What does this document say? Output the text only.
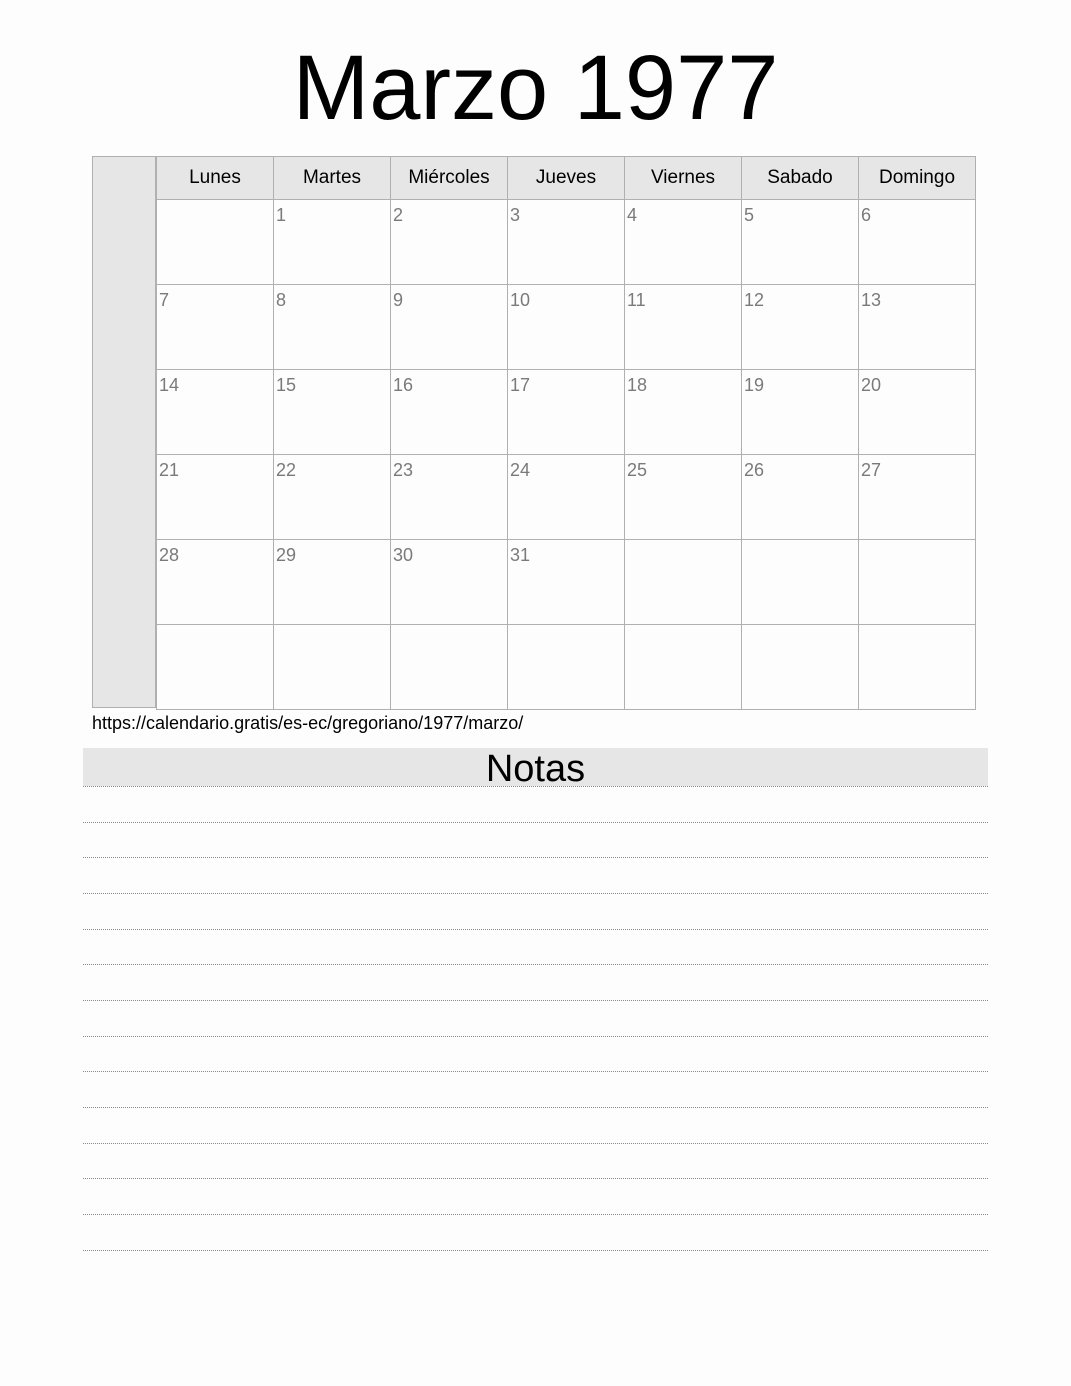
Marzo 1977
Lunes	Martes	Miércoles	Jueves	Viernes	Sabado	Domingo

	1	2	3	4	5	6

7	8	9	10	11	12	13

14	15	16	17	18	19	20

21	22	23	24	25	26	27

28	29	30	31			

https://calendario.gratis/es-ec/gregoriano/1977/marzo/
Notas
